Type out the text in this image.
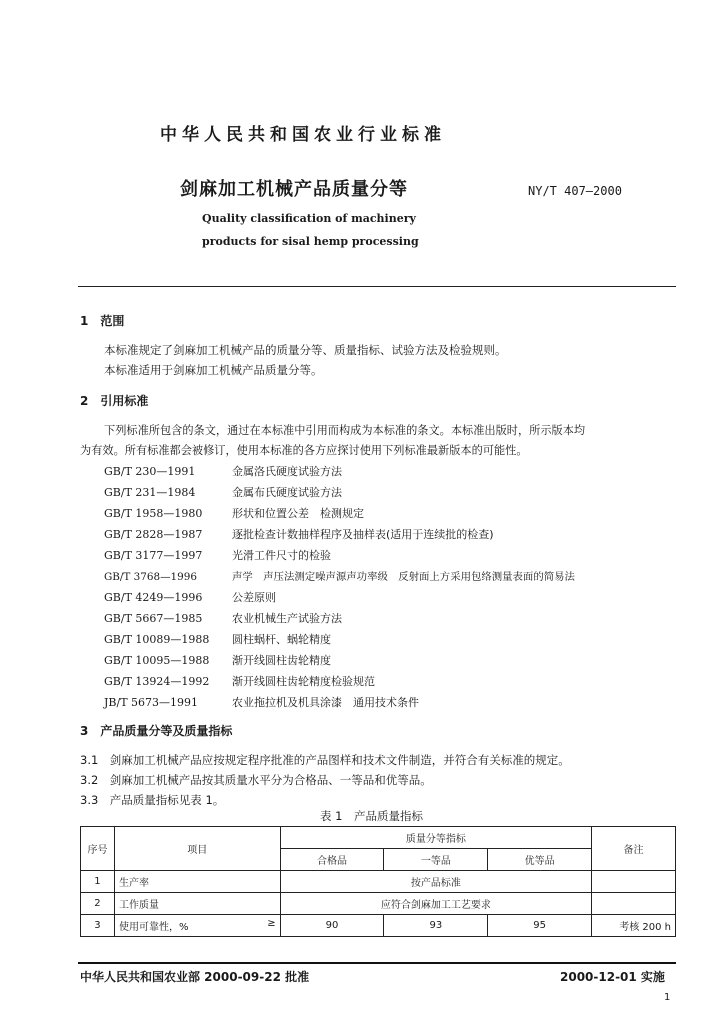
中华人民共和国农业行业标准
剑麻加工机械产品质量分等	NY/T 407—2000
Quality classification of machinery
products for sisal hemp processing
1　范围
本标准规定了剑麻加工机械产品的质量分等、质量指标、试验方法及检验规则。
本标准适用于剑麻加工机械产品质量分等。
2　引用标准
下列标准所包含的条文，通过在本标准中引用而构成为本标准的条文。本标准出版时，所示版本均
为有效。所有标准都会被修订，使用本标准的各方应探讨使用下列标准最新版本的可能性。
GB/T 230—1991	金属洛氏硬度试验方法
GB/T 231—1984	金属布氏硬度试验方法
GB/T 1958—1980	形状和位置公差　检测规定
GB/T 2828—1987	逐批检查计数抽样程序及抽样表(适用于连续批的检查)
GB/T 3177—1997	光滑工件尺寸的检验
GB/T 3768—1996	声学　声压法测定噪声源声功率级　反射面上方采用包络测量表面的简易法
GB/T 4249—1996	公差原则
GB/T 5667—1985	农业机械生产试验方法
GB/T 10089—1988 圆柱蜗杆、蜗轮精度
GB/T 10095—1988 渐开线圆柱齿轮精度
GB/T 13924—1992 渐开线圆柱齿轮精度检验规范
JB/T 5673—1991	农业拖拉机及机具涂漆　通用技术条件
3　产品质量分等及质量指标
3.1　剑麻加工机械产品应按规定程序批准的产品图样和技术文件制造，并符合有关标准的规定。
3.2　剑麻加工机械产品按其质量水平分为合格品、一等品和优等品。
3.3　产品质量指标见表 1。
表 1　产品质量指标
序号	项目	质量分等指标			备注
		合格品	一等品	优等品	
1	生产率	按产品标准			
2	工作质量	应符合剑麻加工工艺要求			
3	使用可靠性，% ≥	90	93	95	考核 200 h
中华人民共和国农业部 2000-09-22 批准	2000-12-01 实施
1
